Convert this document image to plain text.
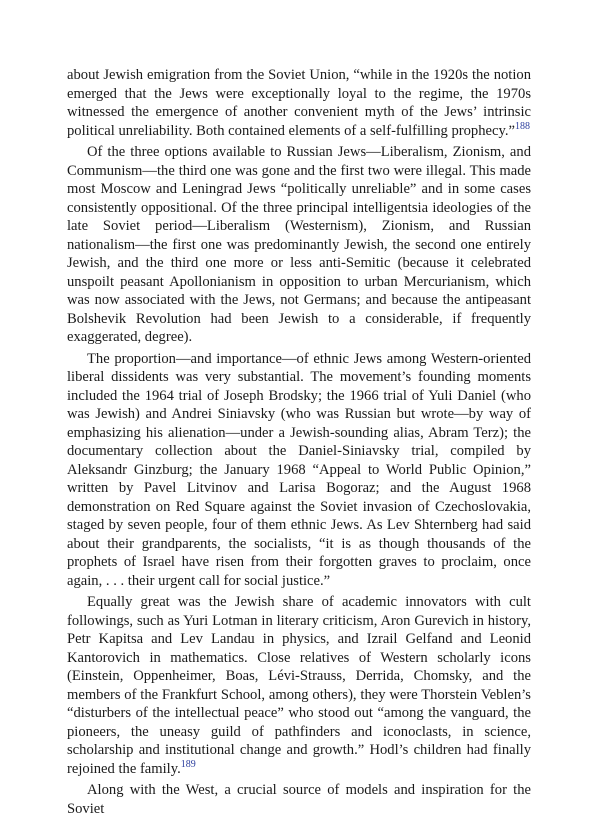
about Jewish emigration from the Soviet Union, “while in the 1920s the notion emerged that the Jews were exceptionally loyal to the regime, the 1970s witnessed the emergence of another convenient myth of the Jews’ intrinsic political unreliability. Both contained elements of a self-fulfilling prophecy.”$^{188}$

Of the three options available to Russian Jews—Liberalism, Zionism, and Communism—the third one was gone and the first two were illegal. This made most Moscow and Leningrad Jews “politically unreliable” and in some cases consistently oppositional. Of the three principal intelligentsia ideologies of the late Soviet period—Liberalism (Westernism), Zionism, and Russian nationalism—the first one was predominantly Jewish, the second one entirely Jewish, and the third one more or less anti-Semitic (because it celebrated unspoilt peasant Apollonianism in opposition to urban Mercurianism, which was now associated with the Jews, not Germans; and because the antipeasant Bolshevik Revolution had been Jewish to a considerable, if frequently exaggerated, degree).

The proportion—and importance—of ethnic Jews among Western-oriented liberal dissidents was very substantial. The movement’s founding moments included the 1964 trial of Joseph Brodsky; the 1966 trial of Yuli Daniel (who was Jewish) and Andrei Siniavsky (who was Russian but wrote—by way of emphasizing his alienation—under a Jewish-sounding alias, Abram Terz); the documentary collection about the Daniel-Siniavsky trial, compiled by Aleksandr Ginzburg; the January 1968 “Appeal to World Public Opinion,” written by Pavel Litvinov and Larisa Bogoraz; and the August 1968 demonstration on Red Square against the Soviet invasion of Czechoslovakia, staged by seven people, four of them ethnic Jews. As Lev Shternberg had said about their grandparents, the socialists, “it is as though thousands of the prophets of Israel have risen from their forgotten graves to proclaim, once again, . . . their urgent call for social justice.”

Equally great was the Jewish share of academic innovators with cult followings, such as Yuri Lotman in literary criticism, Aron Gurevich in history, Petr Kapitsa and Lev Landau in physics, and Izrail Gelfand and Leonid Kantorovich in mathematics. Close relatives of Western scholarly icons (Einstein, Oppenheimer, Boas, Lévi-Strauss, Derrida, Chomsky, and the members of the Frankfurt School, among others), they were Thorstein Veblen’s “disturbers of the intellectual peace” who stood out “among the vanguard, the pioneers, the uneasy guild of pathfinders and iconoclasts, in science, scholarship and institutional change and growth.” Hodl’s children had finally rejoined the family.$^{189}$

Along with the West, a crucial source of models and inspiration for the Soviet
